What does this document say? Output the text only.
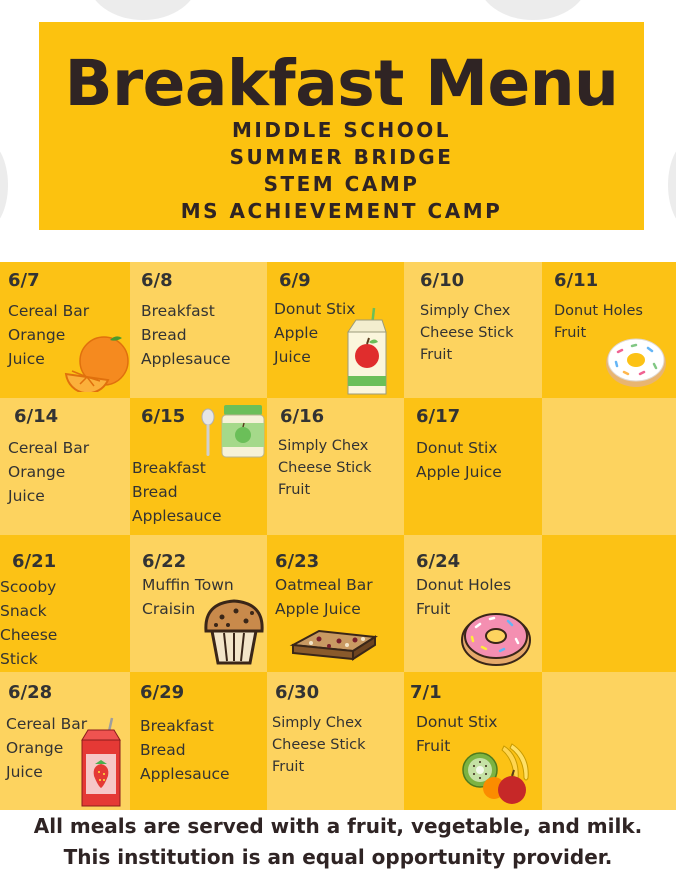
Breakfast Menu
MIDDLE SCHOOL
SUMMER BRIDGE
STEM CAMP
MS ACHIEVEMENT CAMP
6/7
Cereal Bar
Orange
Juice
6/8
Breakfast
Bread
Applesauce
6/9
Donut Stix
Apple
Juice
6/10
Simply Chex
Cheese Stick
Fruit
6/11
Donut Holes
Fruit
6/14
Cereal Bar
Orange
Juice
6/15
Breakfast
Bread
Applesauce
6/16
Simply Chex
Cheese Stick
Fruit
6/17
Donut Stix
Apple Juice
6/21
Scooby
Snack
Cheese
Stick
6/22
Muffin Town
Craisin
6/23
Oatmeal Bar
Apple Juice
6/24
Donut Holes
Fruit
6/28
Cereal Bar
Orange
Juice
6/29
Breakfast
Bread
Applesauce
6/30
Simply Chex
Cheese Stick
Fruit
7/1
Donut Stix
Fruit
All meals are served with a fruit, vegetable, and milk.
This institution is an equal opportunity provider.
